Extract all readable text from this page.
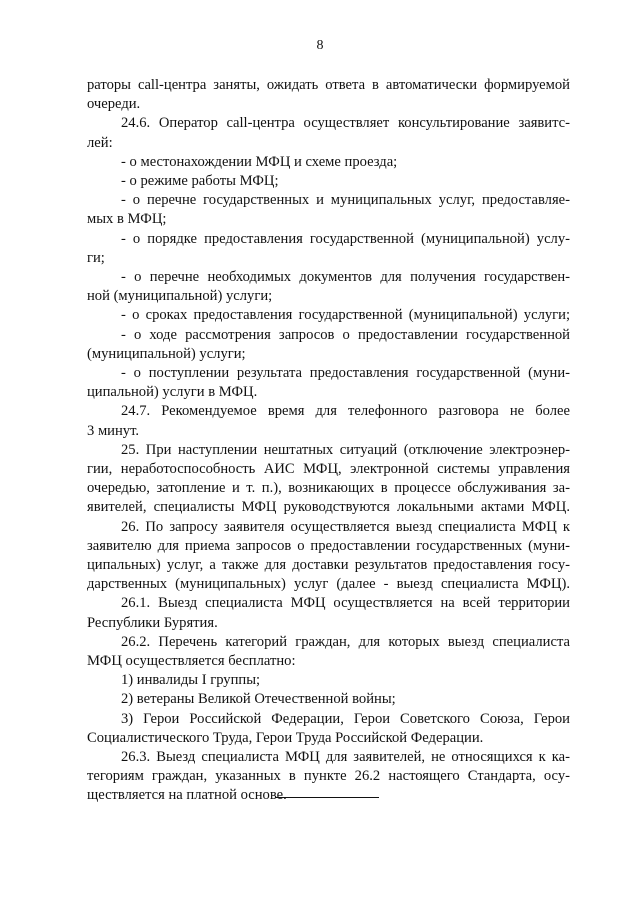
8
раторы call-центра заняты, ожидать ответа в автоматически формируемой
очереди.
24.6. Оператор call-центра осуществляет консультирование заявитс-
лей:
- о местонахождении МФЦ и схеме проезда;
- о режиме работы МФЦ;
- о перечне государственных и муниципальных услуг, предоставляе-
мых в МФЦ;
- о порядке предоставления государственной (муниципальной) услу-
ги;
- о перечне необходимых документов для получения государствен-
ной (муниципальной) услуги;
- о сроках предоставления государственной (муниципальной) услуги;
- о ходе рассмотрения запросов о предоставлении государственной
(муниципальной) услуги;
- о поступлении результата предоставления государственной (муни-
ципальной) услуги в МФЦ.
24.7. Рекомендуемое время для телефонного разговора не более
3 минут.
25. При наступлении нештатных ситуаций (отключение электроэнер-
гии, неработоспособность АИС МФЦ, электронной системы управления
очередью, затопление и т. п.), возникающих в процессе обслуживания за-
явителей, специалисты МФЦ руководствуются локальными актами МФЦ.
26. По запросу заявителя осуществляется выезд специалиста МФЦ к
заявителю для приема запросов о предоставлении государственных (муни-
ципальных) услуг, а также для доставки результатов предоставления госу-
дарственных (муниципальных) услуг (далее - выезд специалиста МФЦ).
26.1. Выезд специалиста МФЦ осуществляется на всей территории
Республики Бурятия.
26.2. Перечень категорий граждан, для которых выезд специалиста
МФЦ осуществляется бесплатно:
1) инвалиды I группы;
2) ветераны Великой Отечественной войны;
3) Герои Российской Федерации, Герои Советского Союза, Герои
Социалистического Труда, Герои Труда Российской Федерации.
26.3. Выезд специалиста МФЦ для заявителей, не относящихся к ка-
тегориям граждан, указанных в пункте 26.2 настоящего Стандарта, осу-
ществляется на платной основе.
